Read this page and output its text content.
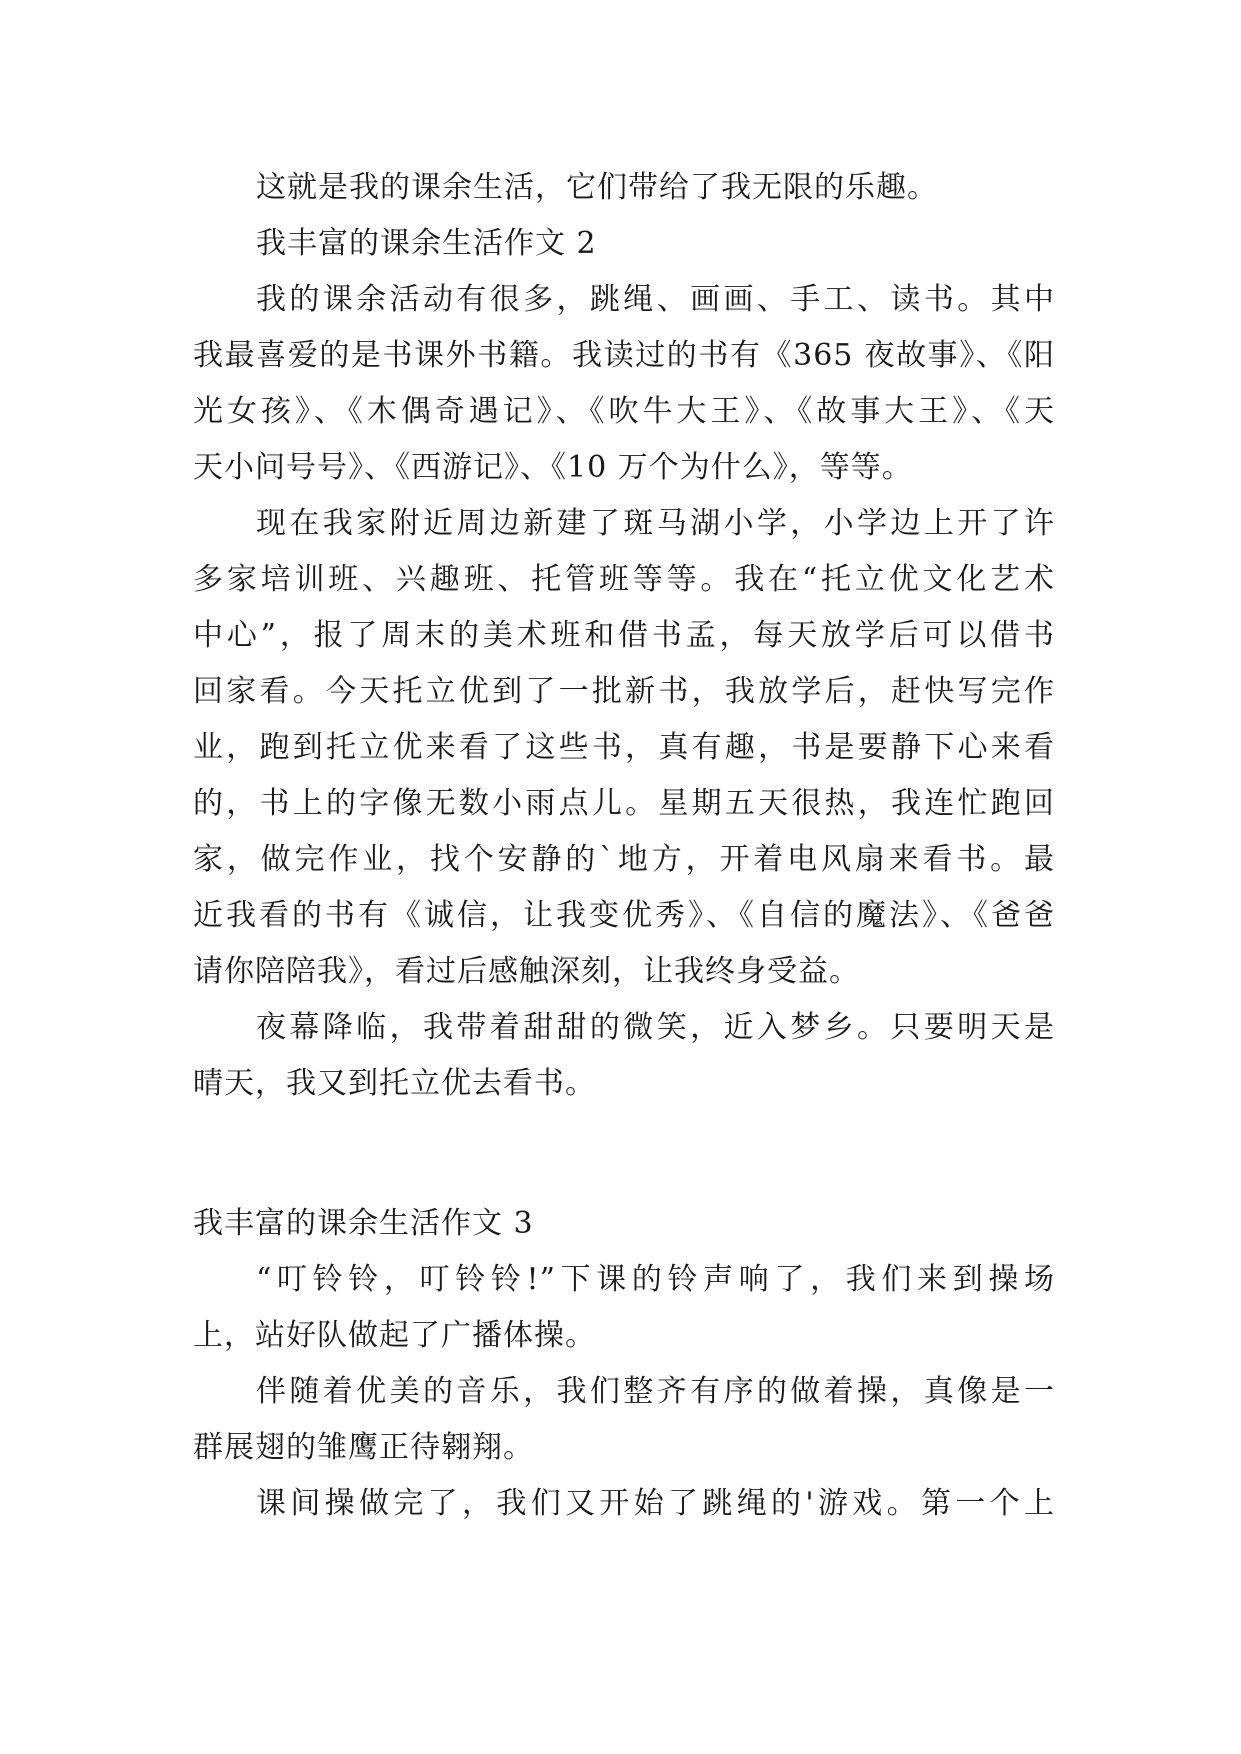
这就是我的课余生活，它们带给了我无限的乐趣。

我丰富的课余生活作文 2

我的课余活动有很多，跳绳、画画、手工、读书。其中

我最喜爱的是书课外书籍。我读过的书有《365 夜故事》、《阳

光女孩》、《木偶奇遇记》、《吹牛大王》、《故事大王》、《天

天小问号号》、《西游记》、《10 万个为什么》，等等。

现在我家附近周边新建了斑马湖小学，小学边上开了许

多家培训班、兴趣班、托管班等等。我在“托立优文化艺术

中心”，报了周末的美术班和借书孟，每天放学后可以借书

回家看。今天托立优到了一批新书，我放学后，赶快写完作

业，跑到托立优来看了这些书，真有趣，书是要静下心来看

的，书上的字像无数小雨点儿。星期五天很热，我连忙跑回

家，做完作业，找个安静的`地方，开着电风扇来看书。最

近我看的书有《诚信，让我变优秀》、《自信的魔法》、《爸爸

请你陪陪我》，看过后感触深刻，让我终身受益。

夜幕降临，我带着甜甜的微笑，近入梦乡。只要明天是

晴天，我又到托立优去看书。

我丰富的课余生活作文 3

“叮铃铃，叮铃铃!”下课的铃声响了，我们来到操场

上，站好队做起了广播体操。

伴随着优美的音乐，我们整齐有序的做着操，真像是一

群展翅的雏鹰正待翱翔。

课间操做完了，我们又开始了跳绳的'游戏。第一个上
